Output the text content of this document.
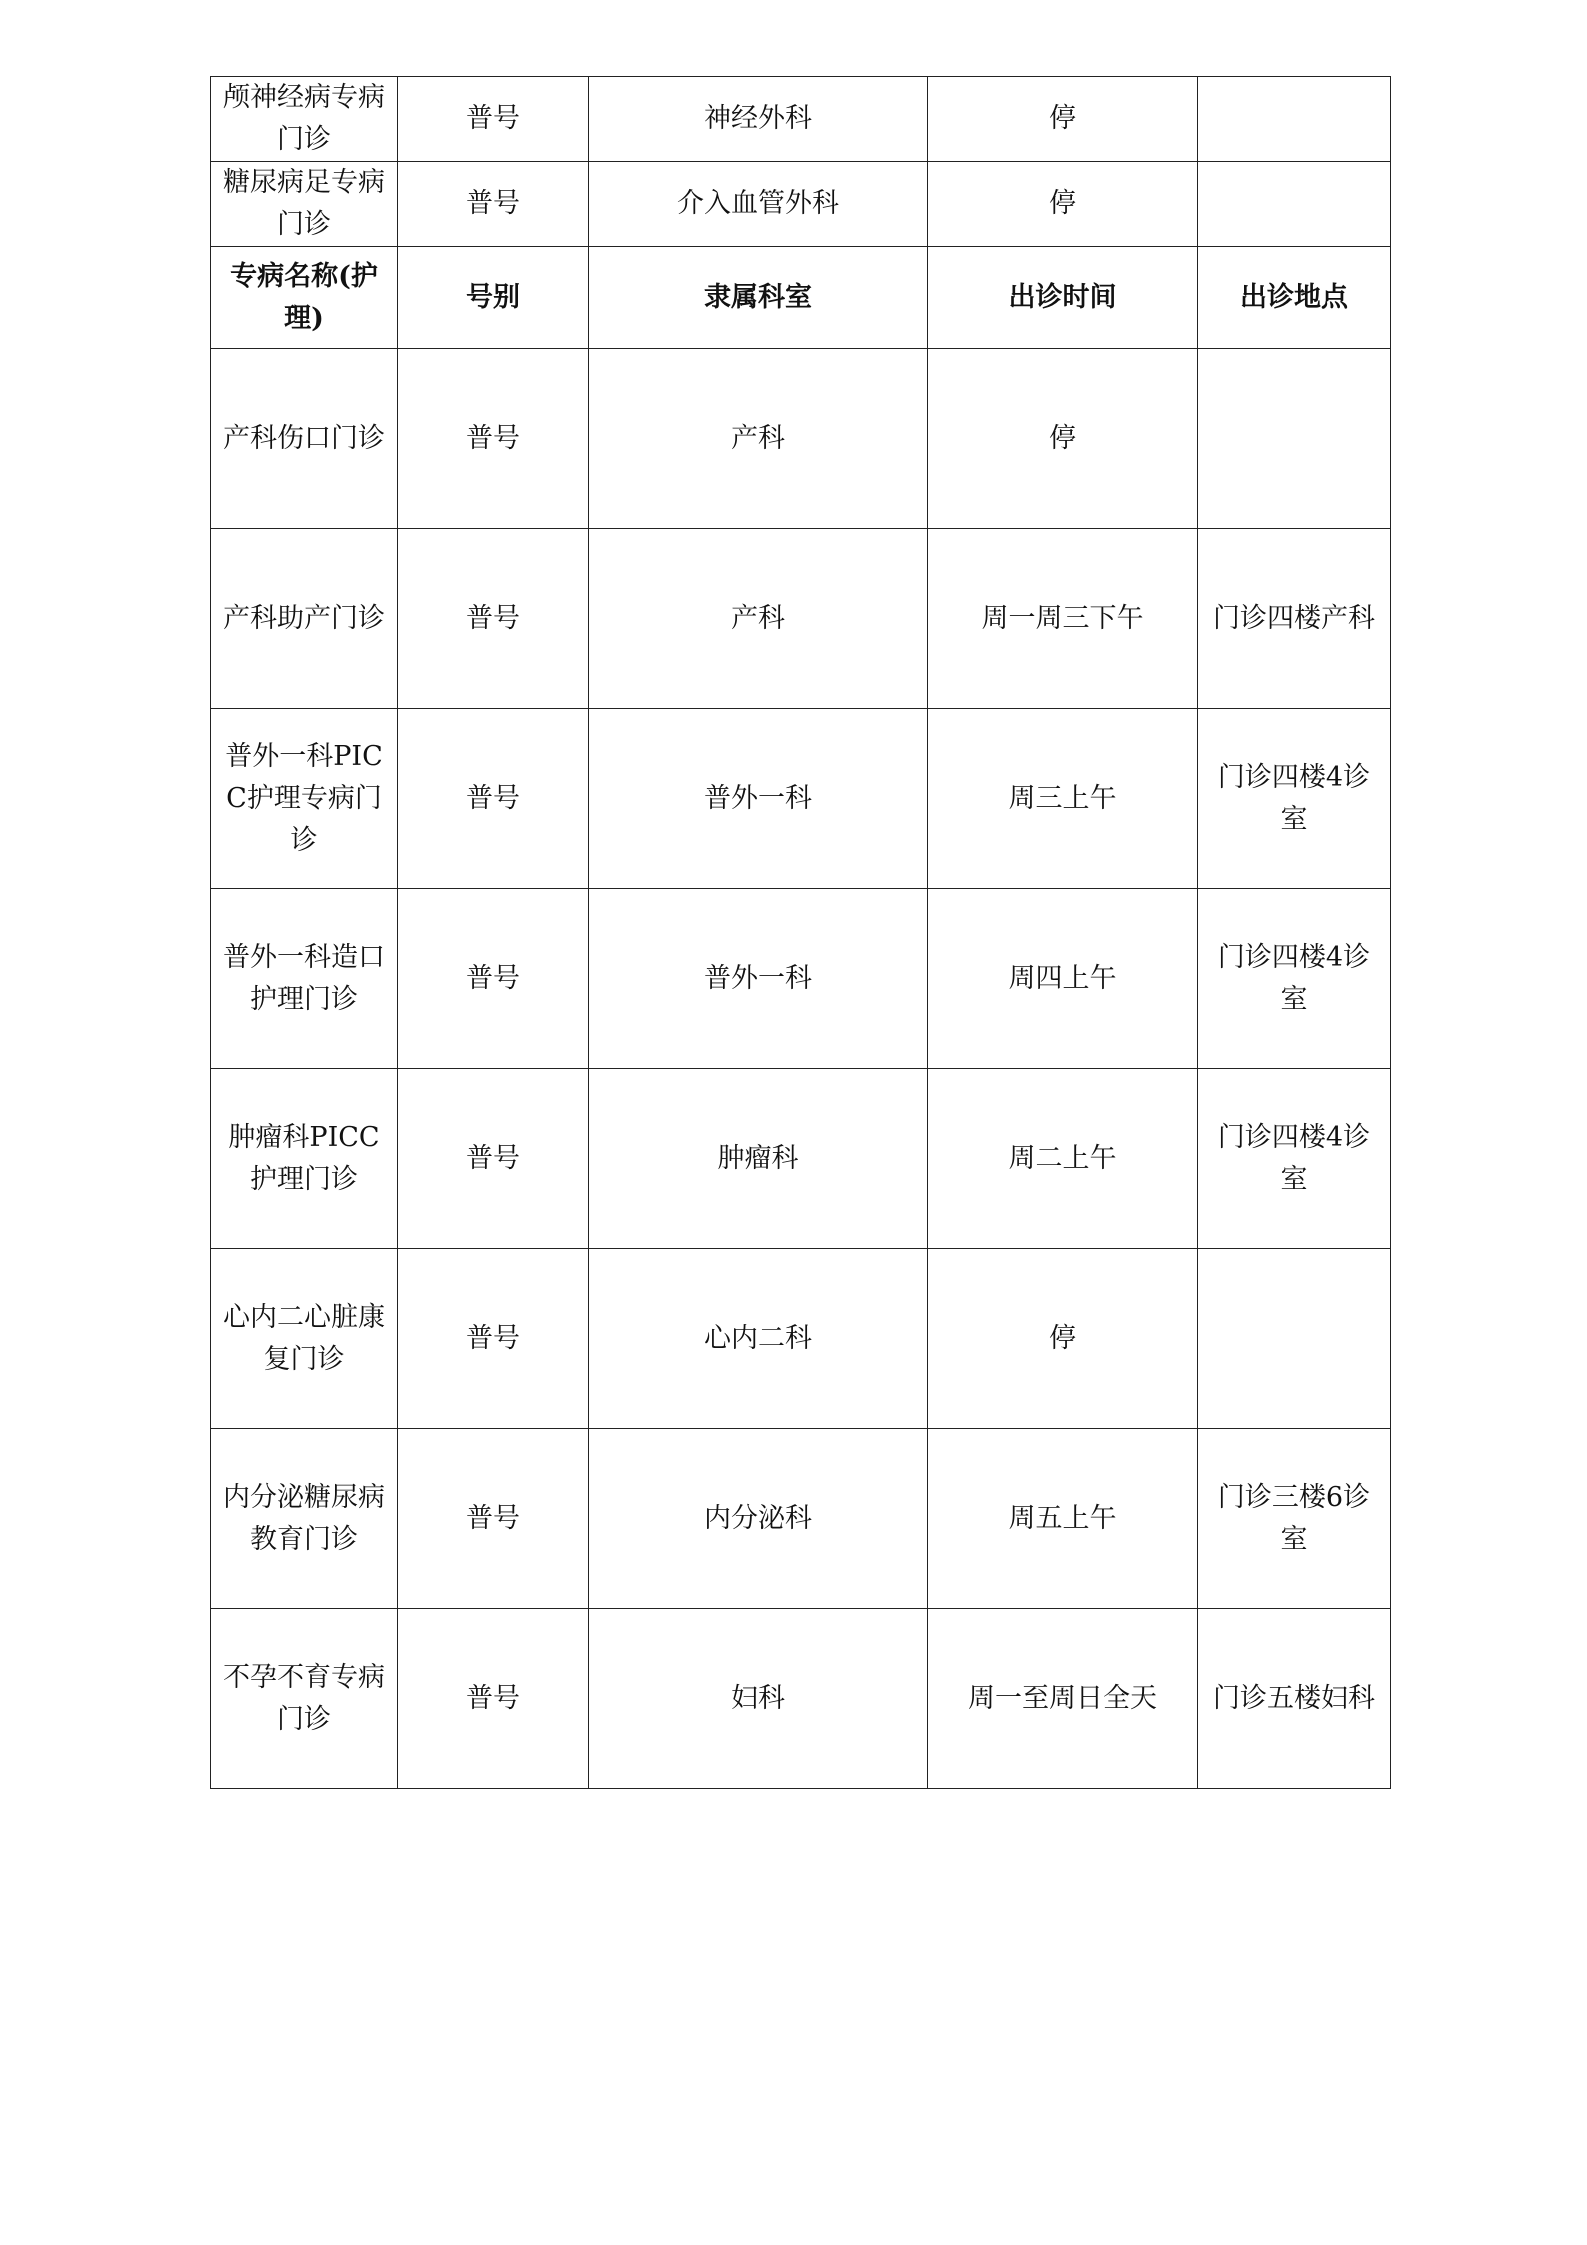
颅神经病专病门诊	普号	神经外科	停	
糖尿病足专病门诊	普号	介入血管外科	停	
专病名称(护理)	号别	隶属科室	出诊时间	出诊地点
产科伤口门诊	普号	产科	停	
产科助产门诊	普号	产科	周一周三下午	门诊四楼产科
普外一科PICC护理专病门诊	普号	普外一科	周三上午	门诊四楼4诊室
普外一科造口护理门诊	普号	普外一科	周四上午	门诊四楼4诊室
肿瘤科PICC护理门诊	普号	肿瘤科	周二上午	门诊四楼4诊室
心内二心脏康复门诊	普号	心内二科	停	
内分泌糖尿病教育门诊	普号	内分泌科	周五上午	门诊三楼6诊室
不孕不育专病门诊	普号	妇科	周一至周日全天	门诊五楼妇科
